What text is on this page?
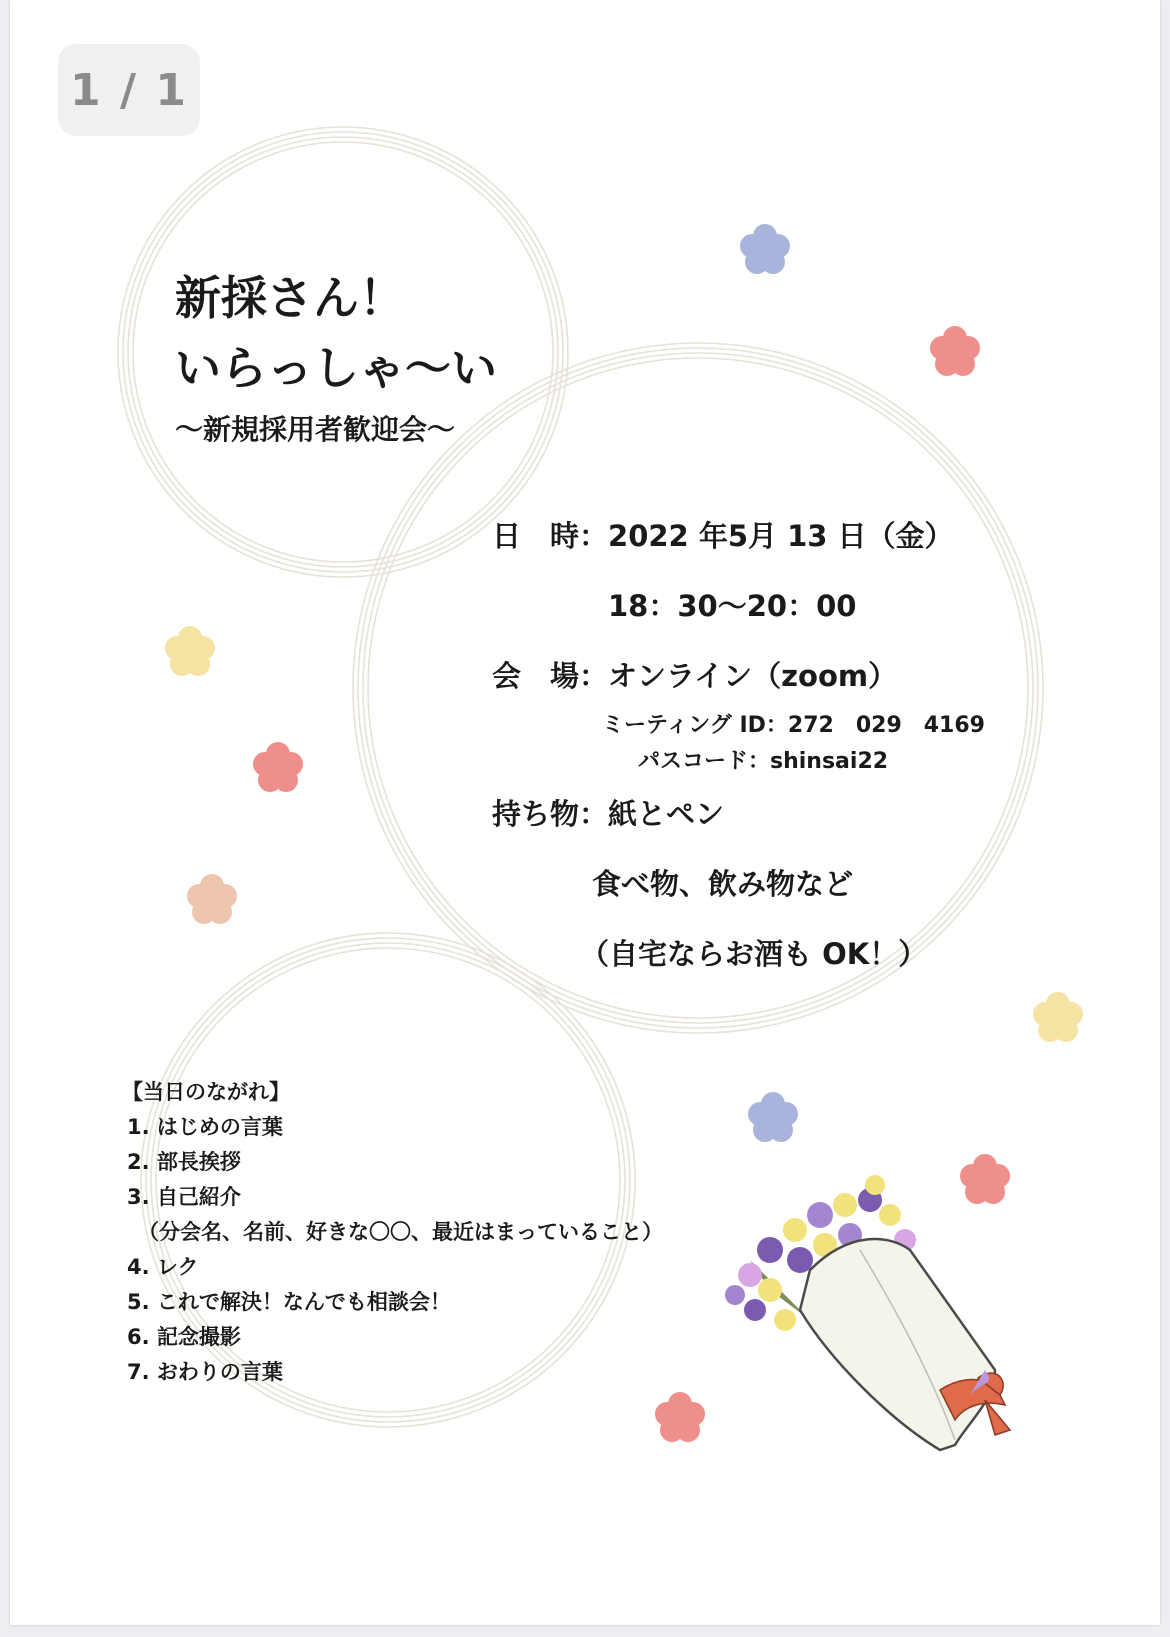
1 / 1
新採さん！
いらっしゃ〜い
〜新規採用者歓迎会〜
日　時：2022 年5月 13 日（金）
18：30〜20：00
会　場：オンライン（zoom）
ミーティング ID：272　029　4169
パスコード：shinsai22
持ち物：紙とペン
食べ物、飲み物など
（自宅ならお酒も OK！）
【当日のながれ】
1. はじめの言葉
2. 部長挨拶
3. 自己紹介
（分会名、名前、好きな〇〇、最近はまっていること）
4. レク
5. これで解決！なんでも相談会！
6. 記念撮影
7. おわりの言葉
